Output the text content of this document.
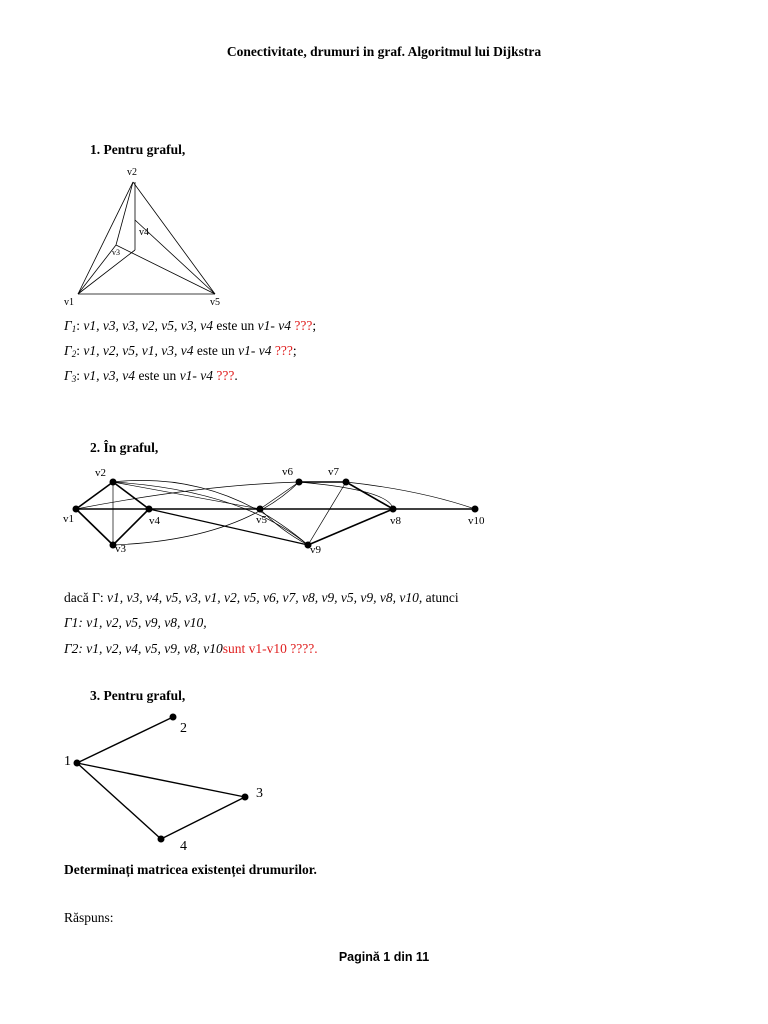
Conectivitate, drumuri in graf. Algoritmul lui Dijkstra
1. Pentru graful,
v2
v4
v3
v1	v5
$\Gamma_1$: v1, v3, v3, v2, v5, v3, v4 este un v1- v4 ???;
$\Gamma_2$: v1, v2, v5, v1, v3, v4 este un v1- v4 ???;
$\Gamma_3$: v1, v3, v4 este un v1- v4 ???.
2. În graful,
v2	v6	v7
v1	v4	v5	v8	v10
v3	v9
dacă Γ: v1, v3, v4, v5, v3, v1, v2, v5, v6, v7, v8, v9, v5, v9, v8, v10, atunci
Γ1: v1, v2, v5, v9, v8, v10,
Γ2: v1, v2, v4, v5, v9, v8, v10sunt v1-v10 ????.
3. Pentru graful,
2
1
3
4
Determinați matricea existenței drumurilor.
Răspuns:
Pagină 1 din 11
